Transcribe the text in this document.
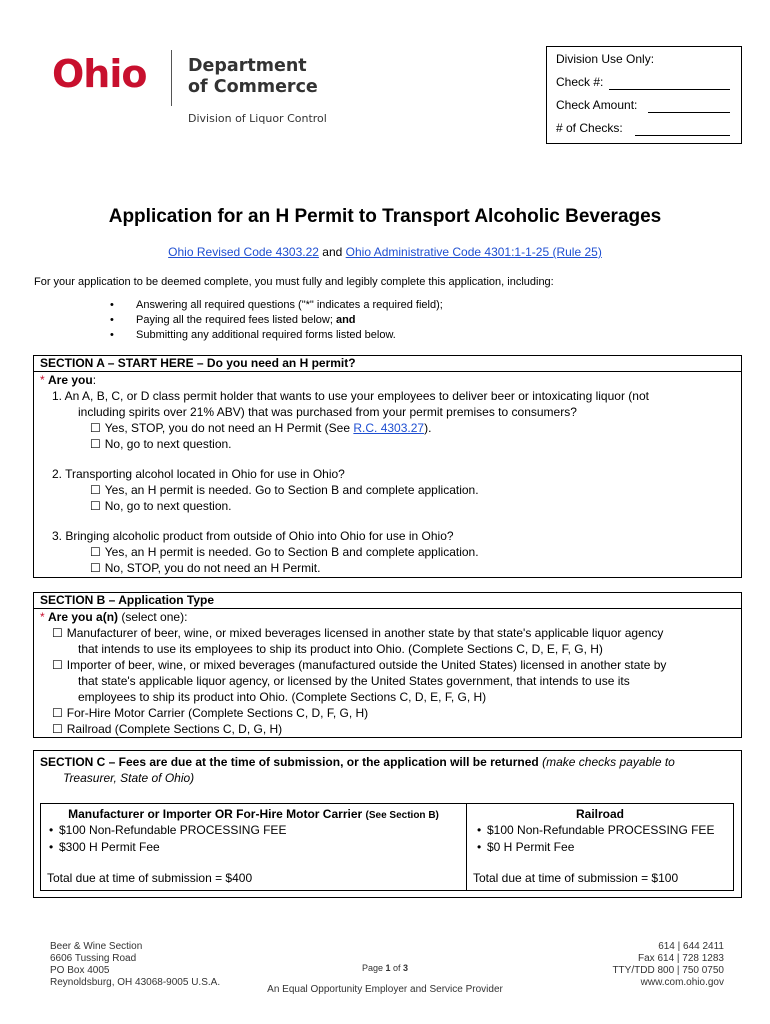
Ohio Department
of Commerce
Division of Liquor Control
Division Use Only:
Check #:
Check Amount:
# of Checks:
Application for an H Permit to Transport Alcoholic Beverages
Ohio Revised Code 4303.22 and Ohio Administrative Code 4301:1-1-25 (Rule 25)
For your application to be deemed complete, you must fully and legibly complete this application, including:
• Answering all required questions ("*" indicates a required field);
• Paying all the required fees listed below; and
• Submitting any additional required forms listed below.
SECTION A – START HERE – Do you need an H permit?
* Are you:
1. An A, B, C, or D class permit holder that wants to use your employees to deliver beer or intoxicating liquor (not
including spirits over 21% ABV) that was purchased from your permit premises to consumers?
☐ Yes, STOP, you do not need an H Permit (See R.C. 4303.27).
☐ No, go to next question.
2. Transporting alcohol located in Ohio for use in Ohio?
☐ Yes, an H permit is needed. Go to Section B and complete application.
☐ No, go to next question.
3. Bringing alcoholic product from outside of Ohio into Ohio for use in Ohio?
☐ Yes, an H permit is needed. Go to Section B and complete application.
☐ No, STOP, you do not need an H Permit.
SECTION B – Application Type
* Are you a(n) (select one):
☐ Manufacturer of beer, wine, or mixed beverages licensed in another state by that state's applicable liquor agency
that intends to use its employees to ship its product into Ohio. (Complete Sections C, D, E, F, G, H)
☐ Importer of beer, wine, or mixed beverages (manufactured outside the United States) licensed in another state by
that state's applicable liquor agency, or licensed by the United States government, that intends to use its
employees to ship its product into Ohio. (Complete Sections C, D, E, F, G, H)
☐ For-Hire Motor Carrier (Complete Sections C, D, F, G, H)
☐ Railroad (Complete Sections C, D, G, H)
SECTION C – Fees are due at the time of submission, or the application will be returned (make checks payable to
Treasurer, State of Ohio)
Manufacturer or Importer OR For-Hire Motor Carrier (See Section B)
• $100 Non-Refundable PROCESSING FEE
• $300 H Permit Fee
Total due at time of submission = $400
Railroad
• $100 Non-Refundable PROCESSING FEE
• $0 H Permit Fee
Total due at time of submission = $100
Beer & Wine Section
6606 Tussing Road
PO Box 4005
Reynoldsburg, OH 43068-9005 U.S.A.
Page 1 of 3
An Equal Opportunity Employer and Service Provider
614 | 644 2411
Fax 614 | 728 1283
TTY/TDD 800 | 750 0750
www.com.ohio.gov
